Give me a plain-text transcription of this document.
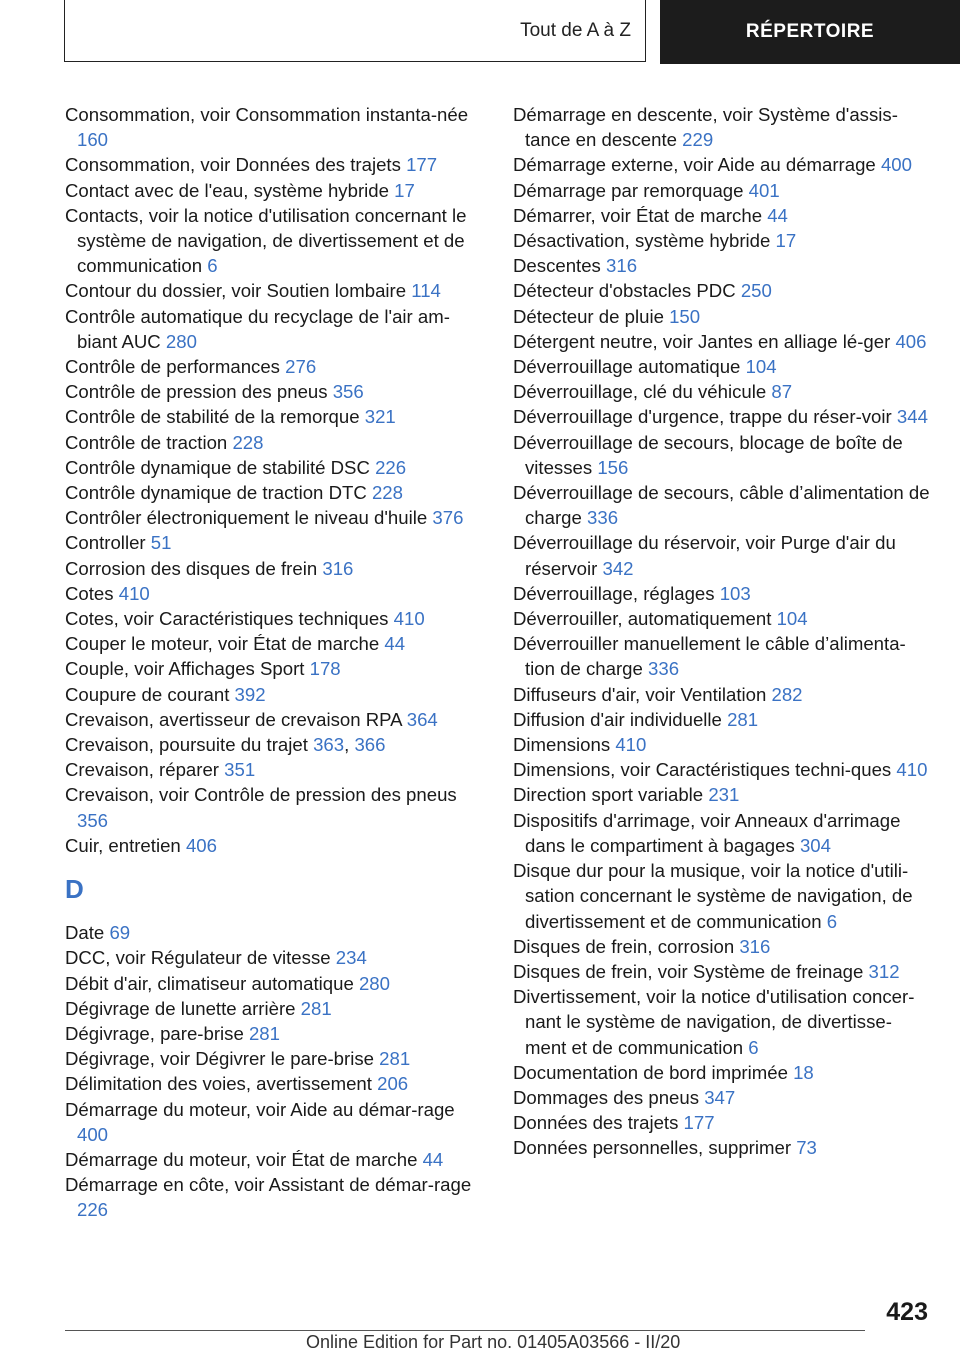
Tout de A à Z	RÉPERTOIRE

Consommation, voir Consommation instanta-née 160

Consommation, voir Données des trajets 177

Contact avec de l'eau, système hybride 17

Contacts, voir la notice d'utilisation concernant le système de navigation, de divertissement et de communication 6

Contour du dossier, voir Soutien lombaire 114

Contrôle automatique du recyclage de l'air am-biant AUC 280

Contrôle de performances 276

Contrôle de pression des pneus 356

Contrôle de stabilité de la remorque 321

Contrôle de traction 228

Contrôle dynamique de stabilité DSC 226

Contrôle dynamique de traction DTC 228

Contrôler électroniquement le niveau d'huile 376

Controller 51

Corrosion des disques de frein 316

Cotes 410

Cotes, voir Caractéristiques techniques 410

Couper le moteur, voir État de marche 44

Couple, voir Affichages Sport 178

Coupure de courant 392

Crevaison, avertisseur de crevaison RPA 364

Crevaison, poursuite du trajet 363, 366

Crevaison, réparer 351

Crevaison, voir Contrôle de pression des pneus 356

Cuir, entretien 406

D

Date 69

DCC, voir Régulateur de vitesse 234

Débit d'air, climatiseur automatique 280

Dégivrage de lunette arrière 281

Dégivrage, pare-brise 281

Dégivrage, voir Dégivrer le pare-brise 281

Délimitation des voies, avertissement 206

Démarrage du moteur, voir Aide au démar-rage 400

Démarrage du moteur, voir État de marche 44

Démarrage en côte, voir Assistant de démar-rage 226

Démarrage en descente, voir Système d'assis-tance en descente 229

Démarrage externe, voir Aide au démarrage 400

Démarrage par remorquage 401

Démarrer, voir État de marche 44

Désactivation, système hybride 17

Descentes 316

Détecteur d'obstacles PDC 250

Détecteur de pluie 150

Détergent neutre, voir Jantes en alliage lé-ger 406

Déverrouillage automatique 104

Déverrouillage, clé du véhicule 87

Déverrouillage d'urgence, trappe du réser-voir 344

Déverrouillage de secours, blocage de boîte de vitesses 156

Déverrouillage de secours, câble d’alimentation de charge 336

Déverrouillage du réservoir, voir Purge d'air du réservoir 342

Déverrouillage, réglages 103

Déverrouiller, automatiquement 104

Déverrouiller manuellement le câble d’alimenta-tion de charge 336

Diffuseurs d'air, voir Ventilation 282

Diffusion d'air individuelle 281

Dimensions 410

Dimensions, voir Caractéristiques techni-ques 410

Direction sport variable 231

Dispositifs d'arrimage, voir Anneaux d'arrimage dans le compartiment à bagages 304

Disque dur pour la musique, voir la notice d'utili-sation concernant le système de navigation, de divertissement et de communication 6

Disques de frein, corrosion 316

Disques de frein, voir Système de freinage 312

Divertissement, voir la notice d'utilisation concer-nant le système de navigation, de divertisse-ment et de communication 6

Documentation de bord imprimée 18

Dommages des pneus 347

Données des trajets 177

Données personnelles, supprimer 73

423
Online Edition for Part no. 01405A03566 - II/20
